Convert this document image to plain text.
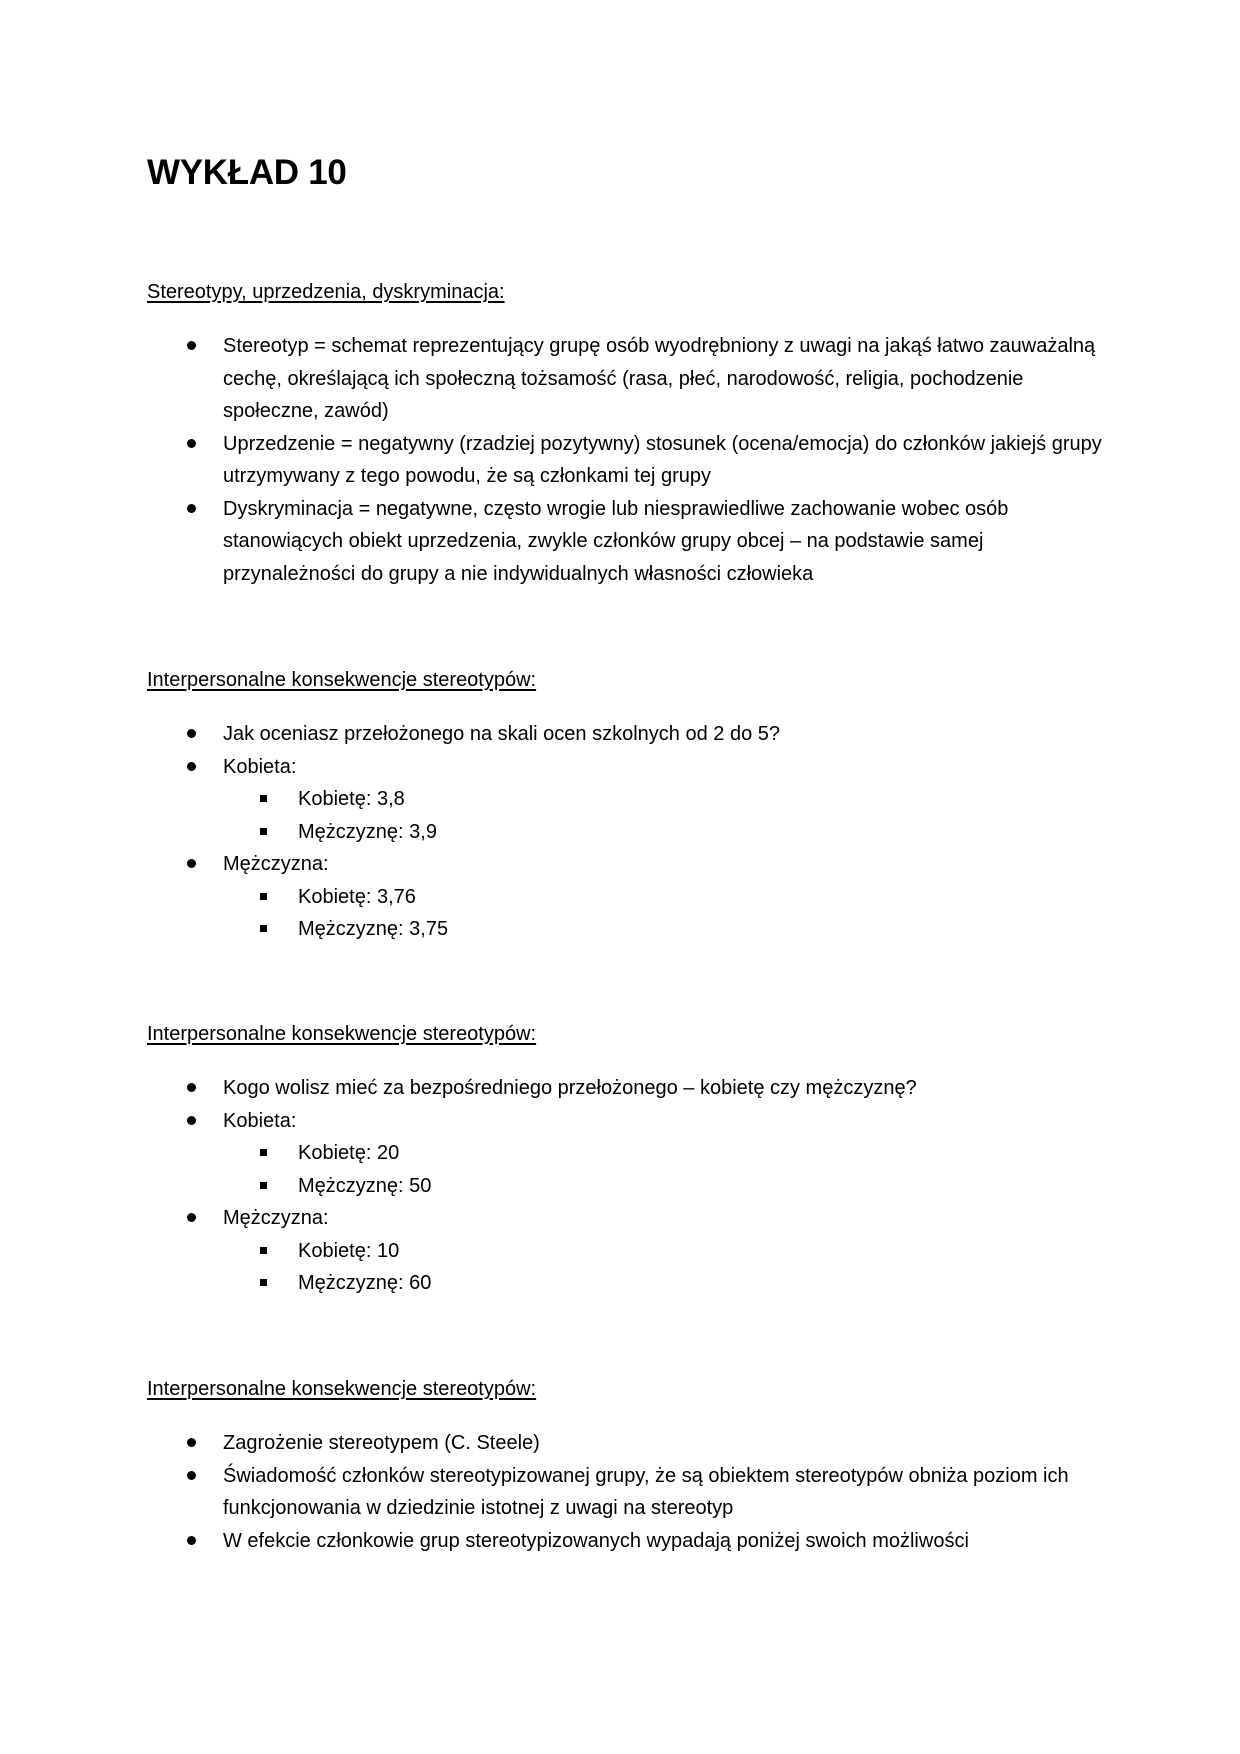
WYKŁAD 10

Stereotypy, uprzedzenia, dyskryminacja:

Stereotyp = schemat reprezentujący grupę osób wyodrębniony z uwagi na jakąś łatwo zauważalną cechę, określającą ich społeczną tożsamość (rasa, płeć, narodowość, religia, pochodzenie społeczne, zawód)
Uprzedzenie = negatywny (rzadziej pozytywny) stosunek (ocena/emocja) do członków jakiejś grupy utrzymywany z tego powodu, że są członkami tej grupy
Dyskryminacja = negatywne, często wrogie lub niesprawiedliwe zachowanie wobec osób stanowiących obiekt uprzedzenia, zwykle członków grupy obcej – na podstawie samej przynależności do grupy a nie indywidualnych własności człowieka

Interpersonalne konsekwencje stereotypów:

Jak oceniasz przełożonego na skali ocen szkolnych od 2 do 5?
Kobieta:
Kobietę: 3,8
Mężczyznę: 3,9
Mężczyzna:
Kobietę: 3,76
Mężczyznę: 3,75

Interpersonalne konsekwencje stereotypów:

Kogo wolisz mieć za bezpośredniego przełożonego – kobietę czy mężczyznę?
Kobieta:
Kobietę: 20
Mężczyznę: 50
Mężczyzna:
Kobietę: 10
Mężczyznę: 60

Interpersonalne konsekwencje stereotypów:

Zagrożenie stereotypem (C. Steele)
Świadomość członków stereotypizowanej grupy, że są obiektem stereotypów obniża poziom ich funkcjonowania w dziedzinie istotnej z uwagi na stereotyp
W efekcie członkowie grup stereotypizowanych wypadają poniżej swoich możliwości
